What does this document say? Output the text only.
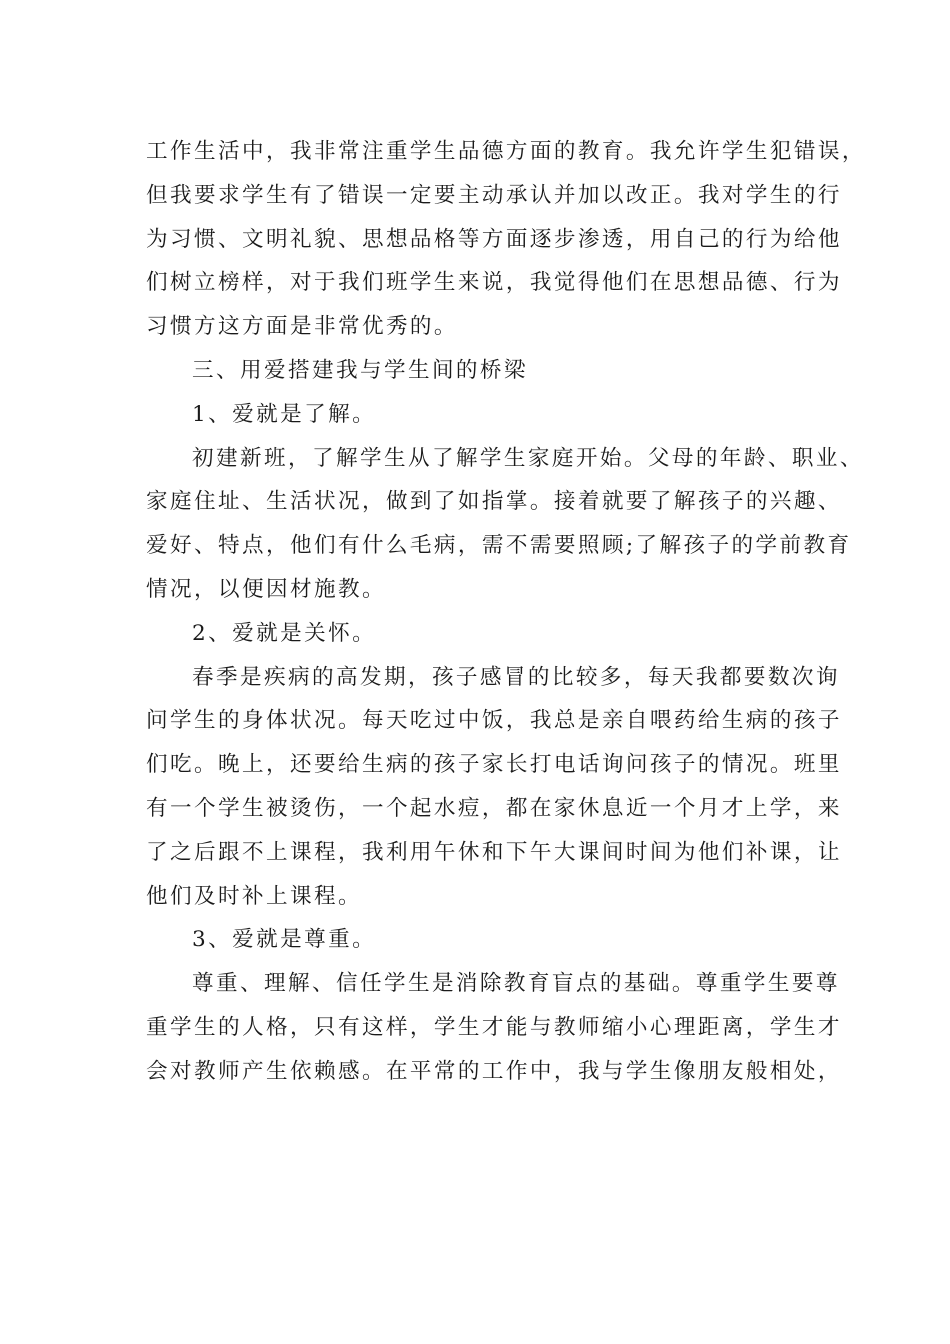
工作生活中，我非常注重学生品德方面的教育。我允许学生犯错误，
但我要求学生有了错误一定要主动承认并加以改正。我对学生的行
为习惯、文明礼貌、思想品格等方面逐步渗透，用自己的行为给他
们树立榜样，对于我们班学生来说，我觉得他们在思想品德、行为
习惯方这方面是非常优秀的。

三、用爱搭建我与学生间的桥梁

1、爱就是了解。

初建新班，了解学生从了解学生家庭开始。父母的年龄、职业、
家庭住址、生活状况，做到了如指掌。接着就要了解孩子的兴趣、
爱好、特点，他们有什么毛病，需不需要照顾;了解孩子的学前教育
情况，以便因材施教。

2、爱就是关怀。

春季是疾病的高发期，孩子感冒的比较多，每天我都要数次询
问学生的身体状况。每天吃过中饭，我总是亲自喂药给生病的孩子
们吃。晚上，还要给生病的孩子家长打电话询问孩子的情况。班里
有一个学生被烫伤，一个起水痘，都在家休息近一个月才上学，来
了之后跟不上课程，我利用午休和下午大课间时间为他们补课，让
他们及时补上课程。

3、爱就是尊重。

尊重、理解、信任学生是消除教育盲点的基础。尊重学生要尊
重学生的人格，只有这样，学生才能与教师缩小心理距离，学生才
会对教师产生依赖感。在平常的工作中，我与学生像朋友般相处，
